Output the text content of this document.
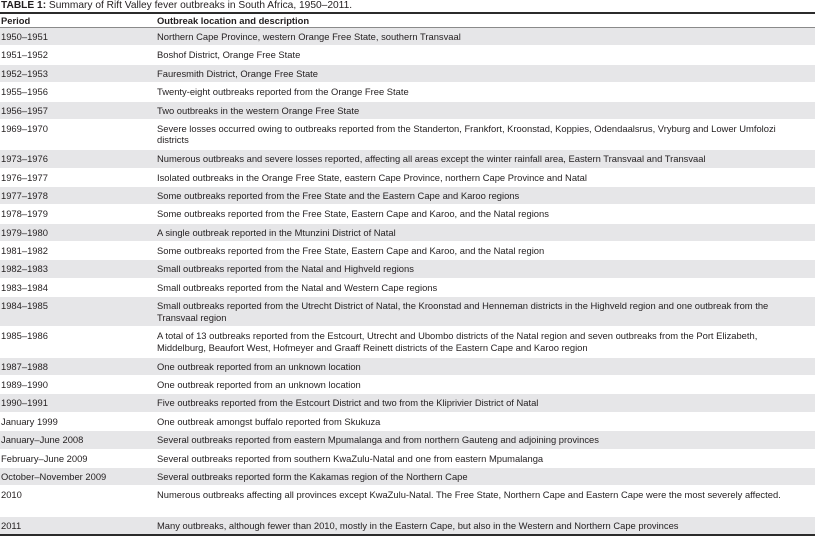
TABLE 1: Summary of Rift Valley fever outbreaks in South Africa, 1950–2011.
Period	Outbreak location and description
1950–1951	Northern Cape Province, western Orange Free State, southern Transvaal
1951–1952	Boshof District, Orange Free State
1952–1953	Fauresmith District, Orange Free State
1955–1956	Twenty-eight outbreaks reported from the Orange Free State
1956–1957	Two outbreaks in the western Orange Free State
1969–1970	Severe losses occurred owing to outbreaks reported from the Standerton, Frankfort, Kroonstad, Koppies, Odendaalsrus, Vryburg and Lower Umfolozi districts
1973–1976	Numerous outbreaks and severe losses reported, affecting all areas except the winter rainfall area, Eastern Transvaal and Transvaal
1976–1977	Isolated outbreaks in the Orange Free State, eastern Cape Province, northern Cape Province and Natal
1977–1978	Some outbreaks reported from the Free State and the Eastern Cape and Karoo regions
1978–1979	Some outbreaks reported from the Free State, Eastern Cape and Karoo, and the Natal regions
1979–1980	A single outbreak reported in the Mtunzini District of Natal
1981–1982	Some outbreaks reported from the Free State, Eastern Cape and Karoo, and the Natal region
1982–1983	Small outbreaks reported from the Natal and Highveld regions
1983–1984	Small outbreaks reported from the Natal and Western Cape regions
1984–1985	Small outbreaks reported from the Utrecht District of Natal, the Kroonstad and Henneman districts in the Highveld region and one outbreak from the Transvaal region
1985–1986	A total of 13 outbreaks reported from the Estcourt, Utrecht and Ubombo districts of the Natal region and seven outbreaks from the Port Elizabeth, Middelburg, Beaufort West, Hofmeyer and Graaff Reinett districts of the Eastern Cape and Karoo region
1987–1988	One outbreak reported from an unknown location
1989–1990	One outbreak reported from an unknown location
1990–1991	Five outbreaks reported from the Estcourt District and two from the Kliprivier District of Natal
January 1999	One outbreak amongst buffalo reported from Skukuza
January–June 2008	Several outbreaks reported from eastern Mpumalanga and from northern Gauteng and adjoining provinces
February–June 2009	Several outbreaks reported from southern KwaZulu-Natal and one from eastern Mpumalanga
October–November 2009	Several outbreaks reported form the Kakamas region of the Northern Cape
2010	Numerous outbreaks affecting all provinces except KwaZulu-Natal. The Free State, Northern Cape and Eastern Cape were the most severely affected.
2011	Many outbreaks, although fewer than 2010, mostly in the Eastern Cape, but also in the Western and Northern Cape provinces
